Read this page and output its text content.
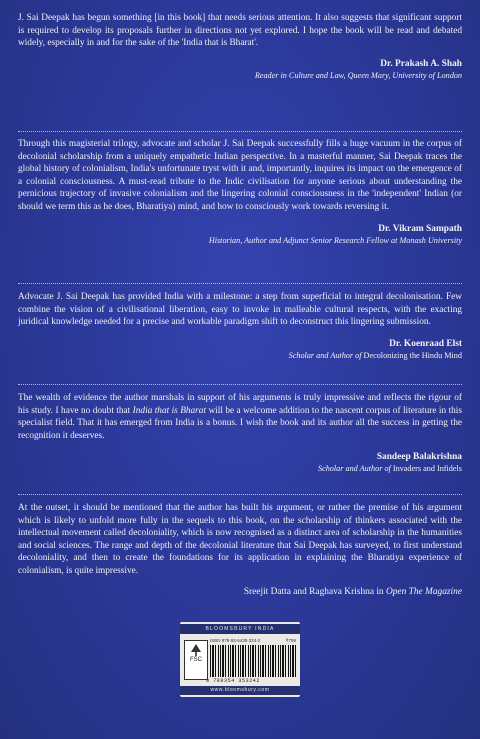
J. Sai Deepak has begun something [in this book] that needs serious attention. It also suggests that significant support is required to develop its proposals further in directions not yet explored. I hope the book will be read and debated widely, especially in and for the sake of the 'India that is Bharat'.

Dr. Prakash A. Shah

Reader in Culture and Law, Queen Mary, University of London

Through this magisterial trilogy, advocate and scholar J. Sai Deepak successfully fills a huge vacuum in the corpus of decolonial scholarship from a uniquely empathetic Indian perspective. In a masterful manner, Sai Deepak traces the global history of colonialism, India's unfortunate tryst with it and, importantly, inquires its impact on the emergence of a colonial consciousness. A must-read tribute to the Indic civilisation for anyone serious about understanding the pernicious trajectory of invasive colonialism and the lingering colonial consciousness in the 'independent' Indian (or should we term this as he does, Bharatiya) mind, and how to consciously work towards reversing it.

Dr. Vikram Sampath

Historian, Author and Adjunct Senior Research Fellow at Monash University

Advocate J. Sai Deepak has provided India with a milestone: a step from superficial to integral decolonisation. Few combine the vision of a civilisational liberation, easy to invoke in malleable cultural respects, with the exacting juridical knowledge needed for a precise and workable paradigm shift to deconstruct this lingering submission.

Dr. Koenraad Elst

Scholar and Author of Decolonizing the Hindu Mind

The wealth of evidence the author marshals in support of his arguments is truly impressive and reflects the rigour of his study. I have no doubt that India that is Bharat will be a welcome addition to the nascent corpus of literature in this specialist field. That it has emerged from India is a bonus. I wish the book and its author all the success in getting the recognition it deserves.

Sandeep Balakrishna

Scholar and Author of Invaders and Infidels

At the outset, it should be mentioned that the author has built his argument, or rather the premise of his argument which is likely to unfold more fully in the sequels to this book, on the scholarship of thinkers associated with the intellectual movement called decoloniality, which is now recognised as a distinct area of scholarship in the humanities and social sciences. The range and depth of the decolonial literature that Sai Deepak has surveyed, to first understand decoloniality, and then to create the foundations for its application in explaining the Bharatiya experience of colonialism, is quite impressive.

Sreejit Datta and Raghava Krishna in Open The Magazine

BLOOMSBURY INDIA
FSC
ISBN 978-93-5435-324-2	₹799
9 789354 353242
www.bloomsbury.com
